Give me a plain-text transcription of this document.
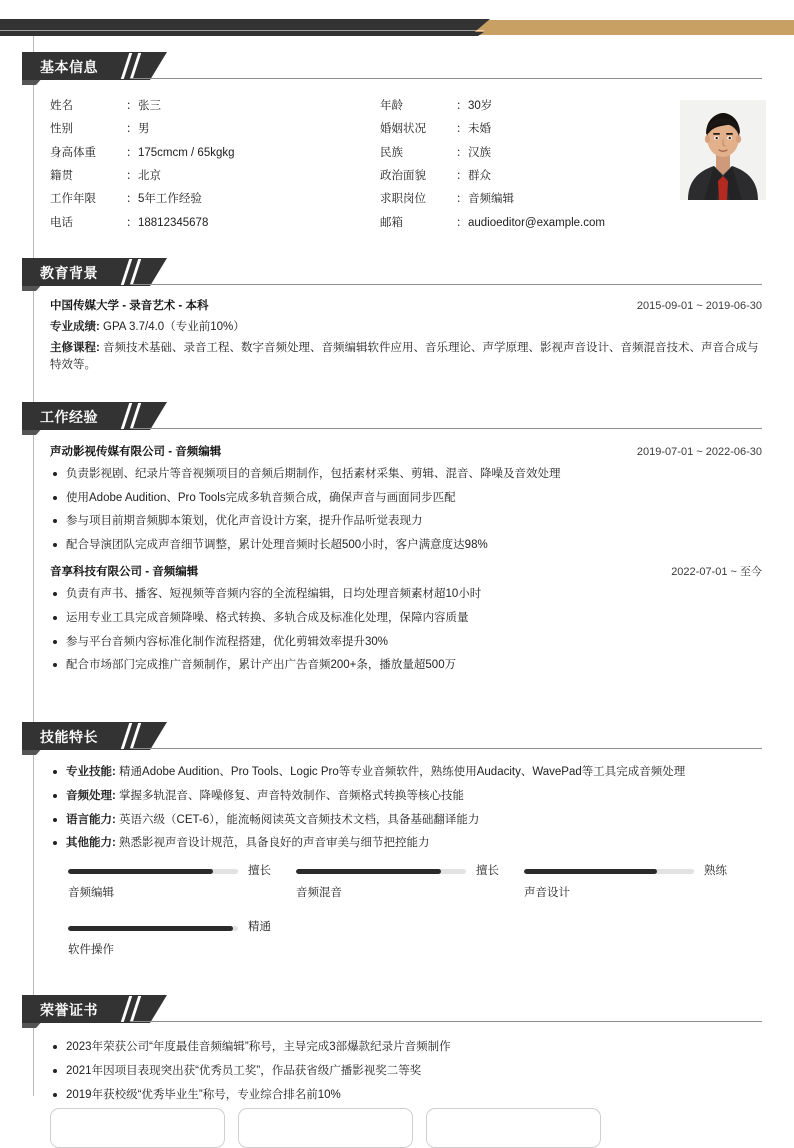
基本信息
姓名	： 张三	年龄	： 30岁
性别	： 男	婚姻状况	： 未婚
身高体重	： 175cmcm / 65kgkg	民族	： 汉族
籍贯	： 北京	政治面貌	： 群众
工作年限	： 5年工作经验	求职岗位	： 音频编辑
电话	： 18812345678	邮箱	： audioeditor@example.com
教育背景
中国传媒大学 - 录音艺术 - 本科	2015-09-01 ~ 2019-06-30
专业成绩: GPA 3.7/4.0（专业前10%）
主修课程: 音频技术基础、录音工程、数字音频处理、音频编辑软件应用、音乐理论、声学原理、影视声音设计、音频混音技术、声音合成与特效等。
工作经验
声动影视传媒有限公司 - 音频编辑	2019-07-01 ~ 2022-06-30
负责影视剧、纪录片等音视频项目的音频后期制作，包括素材采集、剪辑、混音、降噪及音效处理
使用Adobe Audition、Pro Tools完成多轨音频合成，确保声音与画面同步匹配
参与项目前期音频脚本策划，优化声音设计方案，提升作品听觉表现力
配合导演团队完成声音细节调整，累计处理音频时长超500小时，客户满意度达98%
音享科技有限公司 - 音频编辑	2022-07-01 ~ 至今
负责有声书、播客、短视频等音频内容的全流程编辑，日均处理音频素材超10小时
运用专业工具完成音频降噪、格式转换、多轨合成及标准化处理，保障内容质量
参与平台音频内容标准化制作流程搭建，优化剪辑效率提升30%
配合市场部门完成推广音频制作，累计产出广告音频200+条，播放量超500万
技能特长
专业技能: 精通Adobe Audition、Pro Tools、Logic Pro等专业音频软件，熟练使用Audacity、WavePad等工具完成音频处理
音频处理: 掌握多轨混音、降噪修复、声音特效制作、音频格式转换等核心技能
语言能力: 英语六级（CET-6），能流畅阅读英文音频技术文档，具备基础翻译能力
其他能力: 熟悉影视声音设计规范，具备良好的声音审美与细节把控能力
擅长
音频编辑
擅长
音频混音
熟练
声音设计
精通
软件操作
荣誉证书
2023年荣获公司“年度最佳音频编辑”称号，主导完成3部爆款纪录片音频制作
2021年因项目表现突出获“优秀员工奖”，作品获省级广播影视奖二等奖
2019年获校级“优秀毕业生”称号，专业综合排名前10%
